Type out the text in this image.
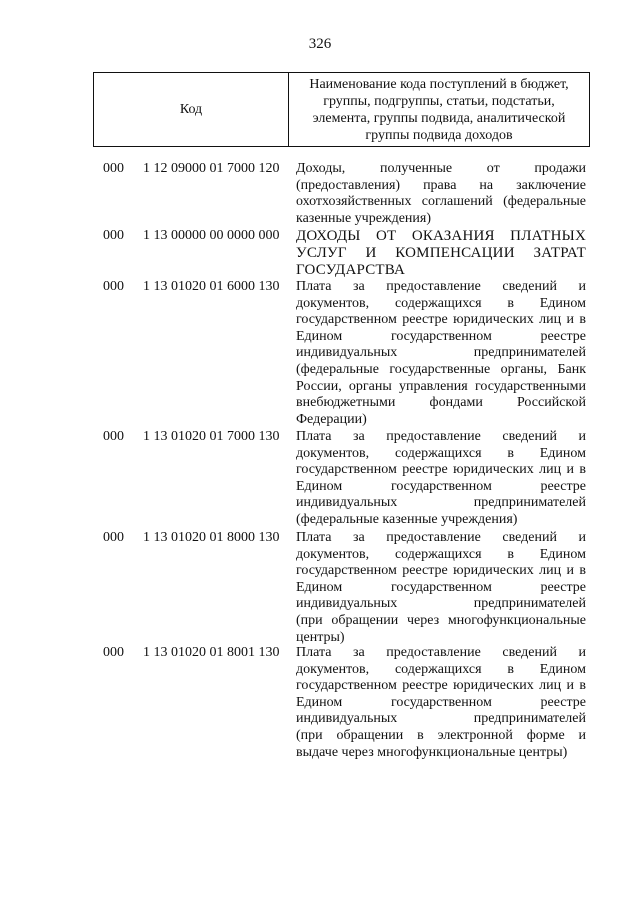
326
Код	
Наименование кода поступлений в бюджет,
группы, подгруппы, статьи, подстатьи,
элемента, группы подвида, аналитической
группы подвида доходов
000 1 12 09000 01 7000 120 Доходы, полученные от продажи
(предоставления) права на заключение
охотхозяйственных соглашений (федеральные
казенные учреждения)
000 1 13 00000 00 0000 000 ДОХОДЫ ОТ ОКАЗАНИЯ ПЛАТНЫХ
УСЛУГ И КОМПЕНСАЦИИ ЗАТРАТ
ГОСУДАРСТВА
000 1 13 01020 01 6000 130 Плата за предоставление сведений и
документов, содержащихся в Едином
государственном реестре юридических лиц и в
Едином государственном реестре
индивидуальных предпринимателей
(федеральные государственные органы, Банк
России, органы управления государственными
внебюджетными фондами Российской
Федерации)
000 1 13 01020 01 7000 130 Плата за предоставление сведений и
документов, содержащихся в Едином
государственном реестре юридических лиц и в
Едином государственном реестре
индивидуальных предпринимателей
(федеральные казенные учреждения)
000 1 13 01020 01 8000 130 Плата за предоставление сведений и
документов, содержащихся в Едином
государственном реестре юридических лиц и в
Едином государственном реестре
индивидуальных предпринимателей
(при обращении через многофункциональные
центры)
000 1 13 01020 01 8001 130 Плата за предоставление сведений и
документов, содержащихся в Едином
государственном реестре юридических лиц и в
Едином государственном реестре
индивидуальных предпринимателей
(при обращении в электронной форме и
выдаче через многофункциональные центры)
